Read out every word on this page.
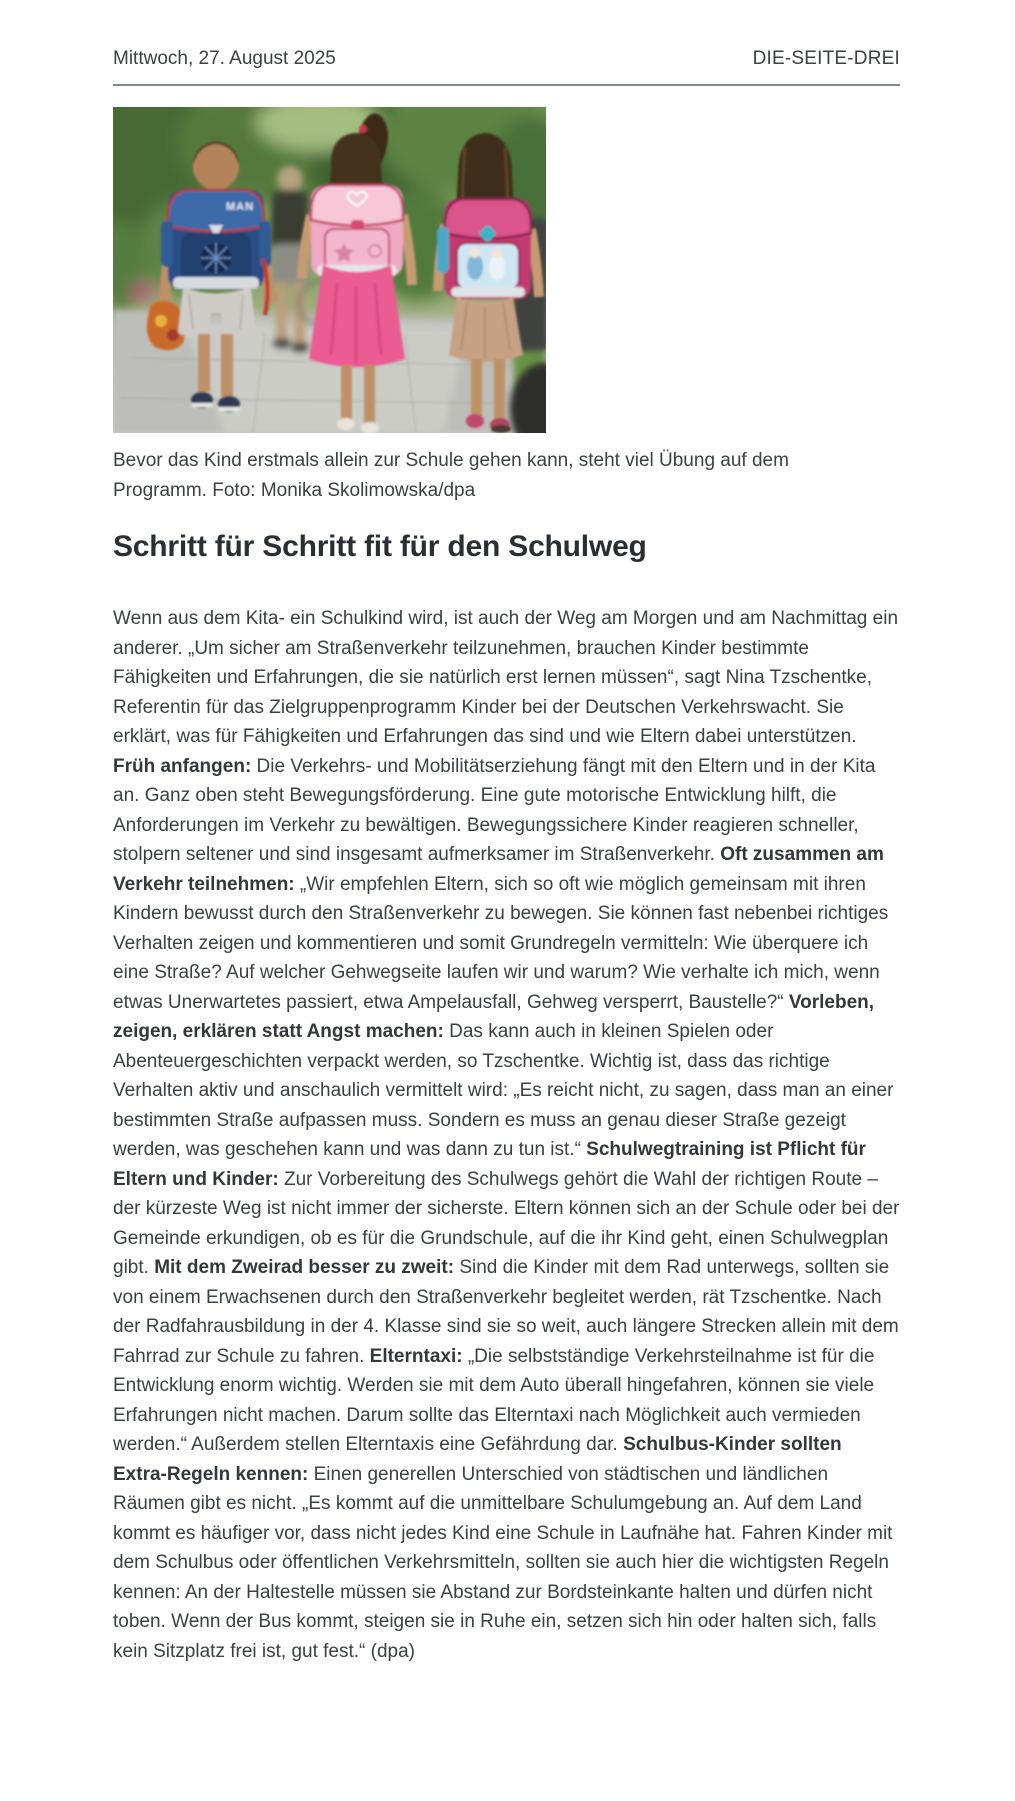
Mittwoch, 27. August 2025	DIE-SEITE-DREI
MAN
Bevor das Kind erstmals allein zur Schule gehen kann, steht viel Übung auf dem Programm. Foto: Monika Skolimowska/dpa
Schritt für Schritt fit für den Schulweg
Wenn aus dem Kita- ein Schulkind wird, ist auch der Weg am Morgen und am Nachmittag ein anderer. „Um sicher am Straßenverkehr teilzunehmen, brauchen Kinder bestimmte Fähigkeiten und Erfahrungen, die sie natürlich erst lernen müssen“, sagt Nina Tzschentke, Referentin für das Zielgruppenprogramm Kinder bei der Deutschen Verkehrswacht. Sie erklärt, was für Fähigkeiten und Erfahrungen das sind und wie Eltern dabei unterstützen. Früh anfangen: Die Verkehrs- und Mobilitätserziehung fängt mit den Eltern und in der Kita an. Ganz oben steht Bewegungsförderung. Eine gute motorische Entwicklung hilft, die Anforderungen im Verkehr zu bewältigen. Bewegungssichere Kinder reagieren schneller, stolpern seltener und sind insgesamt aufmerksamer im Straßenverkehr. Oft zusammen am Verkehr teilnehmen: „Wir empfehlen Eltern, sich so oft wie möglich gemeinsam mit ihren Kindern bewusst durch den Straßenverkehr zu bewegen. Sie können fast nebenbei richtiges Verhalten zeigen und kommentieren und somit Grundregeln vermitteln: Wie überquere ich eine Straße? Auf welcher Gehwegseite laufen wir und warum? Wie verhalte ich mich, wenn etwas Unerwartetes passiert, etwa Ampelausfall, Gehweg versperrt, Baustelle?“ Vorleben, zeigen, erklären statt Angst machen: Das kann auch in kleinen Spielen oder Abenteuergeschichten verpackt werden, so Tzschentke. Wichtig ist, dass das richtige Verhalten aktiv und anschaulich vermittelt wird: „Es reicht nicht, zu sagen, dass man an einer bestimmten Straße aufpassen muss. Sondern es muss an genau dieser Straße gezeigt werden, was geschehen kann und was dann zu tun ist.“ Schulwegtraining ist Pflicht für Eltern und Kinder: Zur Vorbereitung des Schulwegs gehört die Wahl der richtigen Route – der kürzeste Weg ist nicht immer der sicherste. Eltern können sich an der Schule oder bei der Gemeinde erkundigen, ob es für die Grundschule, auf die ihr Kind geht, einen Schulwegplan gibt. Mit dem Zweirad besser zu zweit: Sind die Kinder mit dem Rad unterwegs, sollten sie von einem Erwachsenen durch den Straßenverkehr begleitet werden, rät Tzschentke. Nach der Radfahrausbildung in der 4. Klasse sind sie so weit, auch längere Strecken allein mit dem Fahrrad zur Schule zu fahren. Elterntaxi: „Die selbstständige Verkehrsteilnahme ist für die Entwicklung enorm wichtig. Werden sie mit dem Auto überall hingefahren, können sie viele Erfahrungen nicht machen. Darum sollte das Elterntaxi nach Möglichkeit auch vermieden werden.“ Außerdem stellen Elterntaxis eine Gefährdung dar. Schulbus-Kinder sollten Extra-Regeln kennen: Einen generellen Unterschied von städtischen und ländlichen Räumen gibt es nicht. „Es kommt auf die unmittelbare Schulumgebung an. Auf dem Land kommt es häufiger vor, dass nicht jedes Kind eine Schule in Laufnähe hat. Fahren Kinder mit dem Schulbus oder öffentlichen Verkehrsmitteln, sollten sie auch hier die wichtigsten Regeln kennen: An der Haltestelle müssen sie Abstand zur Bordsteinkante halten und dürfen nicht toben. Wenn der Bus kommt, steigen sie in Ruhe ein, setzen sich hin oder halten sich, falls kein Sitzplatz frei ist, gut fest.“ (dpa)
